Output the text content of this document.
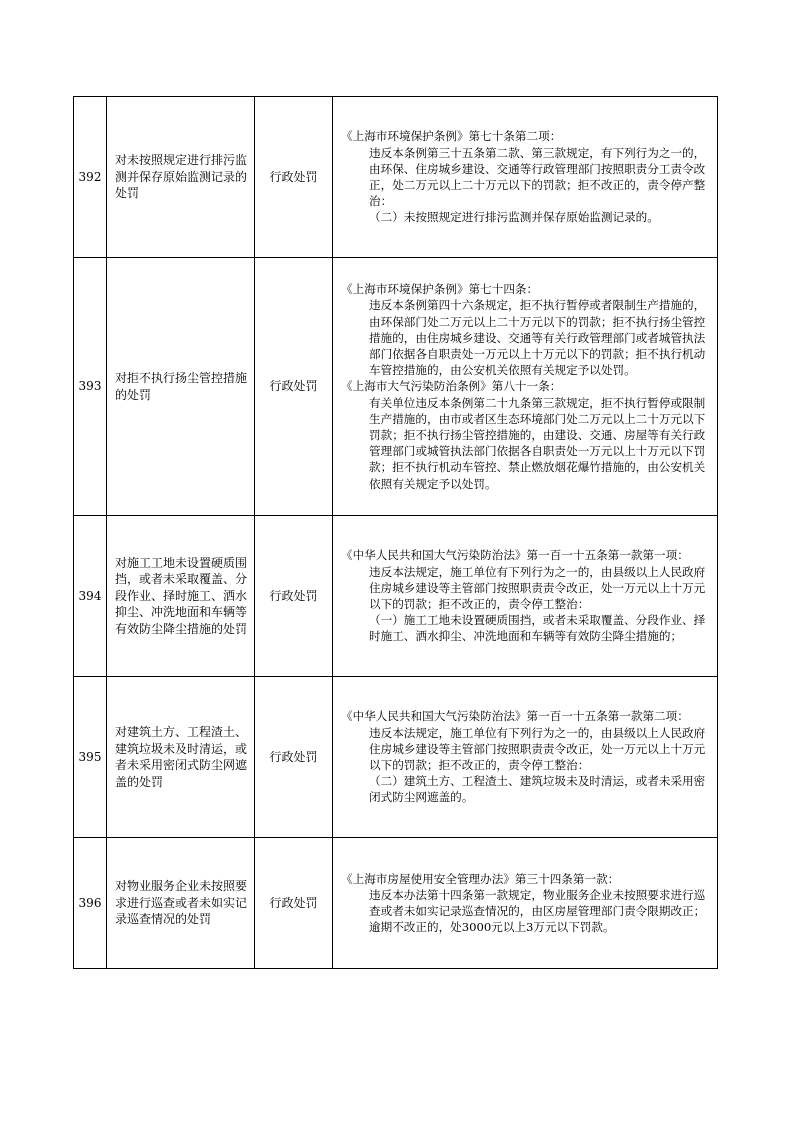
392	对未按照规定进行排污监测并保存原始监测记录的处罚	行政处罚	《上海市环境保护条例》第七十条第二项：
违反本条例第三十五条第二款、第三款规定，有下列行为之一的，由环保、住房城乡建设、交通等行政管理部门按照职责分工责令改正，处二万元以上二十万元以下的罚款；拒不改正的，责令停产整治：
（二）未按照规定进行排污监测并保存原始监测记录的。

393	对拒不执行扬尘管控措施的处罚	行政处罚	《上海市环境保护条例》第七十四条：
违反本条例第四十六条规定，拒不执行暂停或者限制生产措施的，由环保部门处二万元以上二十万元以下的罚款；拒不执行扬尘管控措施的，由住房城乡建设、交通等有关行政管理部门或者城管执法部门依据各自职责处一万元以上十万元以下的罚款；拒不执行机动车管控措施的，由公安机关依照有关规定予以处罚。
《上海市大气污染防治条例》第八十一条：
有关单位违反本条例第二十九条第三款规定，拒不执行暂停或限制生产措施的，由市或者区生态环境部门处二万元以上二十万元以下罚款；拒不执行扬尘管控措施的，由建设、交通、房屋等有关行政管理部门或城管执法部门依据各自职责处一万元以上十万元以下罚款；拒不执行机动车管控、禁止燃放烟花爆竹措施的，由公安机关依照有关规定予以处罚。

394	对施工工地未设置硬质围挡，或者未采取覆盖、分段作业、择时施工、洒水抑尘、冲洗地面和车辆等有效防尘降尘措施的处罚	行政处罚	《中华人民共和国大气污染防治法》第一百一十五条第一款第一项：
违反本法规定，施工单位有下列行为之一的，由县级以上人民政府住房城乡建设等主管部门按照职责责令改正，处一万元以上十万元以下的罚款；拒不改正的，责令停工整治：
（一）施工工地未设置硬质围挡，或者未采取覆盖、分段作业、择时施工、洒水抑尘、冲洗地面和车辆等有效防尘降尘措施的；

395	对建筑土方、工程渣土、建筑垃圾未及时清运，或者未采用密闭式防尘网遮盖的处罚	行政处罚	《中华人民共和国大气污染防治法》第一百一十五条第一款第二项：
违反本法规定，施工单位有下列行为之一的，由县级以上人民政府住房城乡建设等主管部门按照职责责令改正，处一万元以上十万元以下的罚款；拒不改正的，责令停工整治：
（二）建筑土方、工程渣土、建筑垃圾未及时清运，或者未采用密闭式防尘网遮盖的。

396	对物业服务企业未按照要求进行巡查或者未如实记录巡查情况的处罚	行政处罚	《上海市房屋使用安全管理办法》第三十四条第一款：
违反本办法第十四条第一款规定，物业服务企业未按照要求进行巡查或者未如实记录巡查情况的，由区房屋管理部门责令限期改正；逾期不改正的，处3000元以上3万元以下罚款。
